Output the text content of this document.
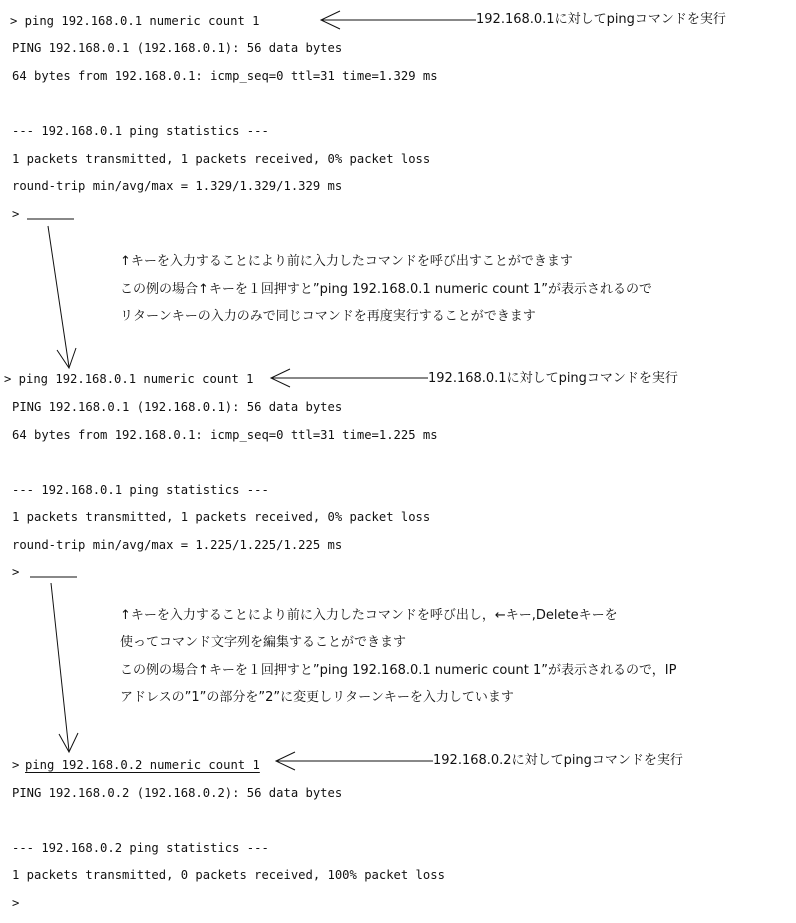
> ping 192.168.0.1 numeric count 1
PING 192.168.0.1 (192.168.0.1): 56 data bytes
64 bytes from 192.168.0.1: icmp_seq=0 ttl=31 time=1.329 ms
--- 192.168.0.1 ping statistics ---
1 packets transmitted, 1 packets received, 0% packet loss
round-trip min/avg/max = 1.329/1.329/1.329 ms
>
192.168.0.1に対してpingコマンドを実行
↑キーを入力することにより前に入力したコマンドを呼び出すことができます
この例の場合↑キーを１回押すと”ping 192.168.0.1 numeric count 1”が表示されるので
リターンキーの入力のみで同じコマンドを再度実行することができます
> ping 192.168.0.1 numeric count 1
PING 192.168.0.1 (192.168.0.1): 56 data bytes
64 bytes from 192.168.0.1: icmp_seq=0 ttl=31 time=1.225 ms
--- 192.168.0.1 ping statistics ---
1 packets transmitted, 1 packets received, 0% packet loss
round-trip min/avg/max = 1.225/1.225/1.225 ms
>
192.168.0.1に対してpingコマンドを実行
↑キーを入力することにより前に入力したコマンドを呼び出し，←キー,Deleteキーを
使ってコマンド文字列を編集することができます
この例の場合↑キーを１回押すと”ping 192.168.0.1 numeric count 1”が表示されるので，IP
アドレスの”1”の部分を”2”に変更しリターンキーを入力しています
> ping 192.168.0.2 numeric count 1
PING 192.168.0.2 (192.168.0.2): 56 data bytes
--- 192.168.0.2 ping statistics ---
1 packets transmitted, 0 packets received, 100% packet loss
>
192.168.0.2に対してpingコマンドを実行
